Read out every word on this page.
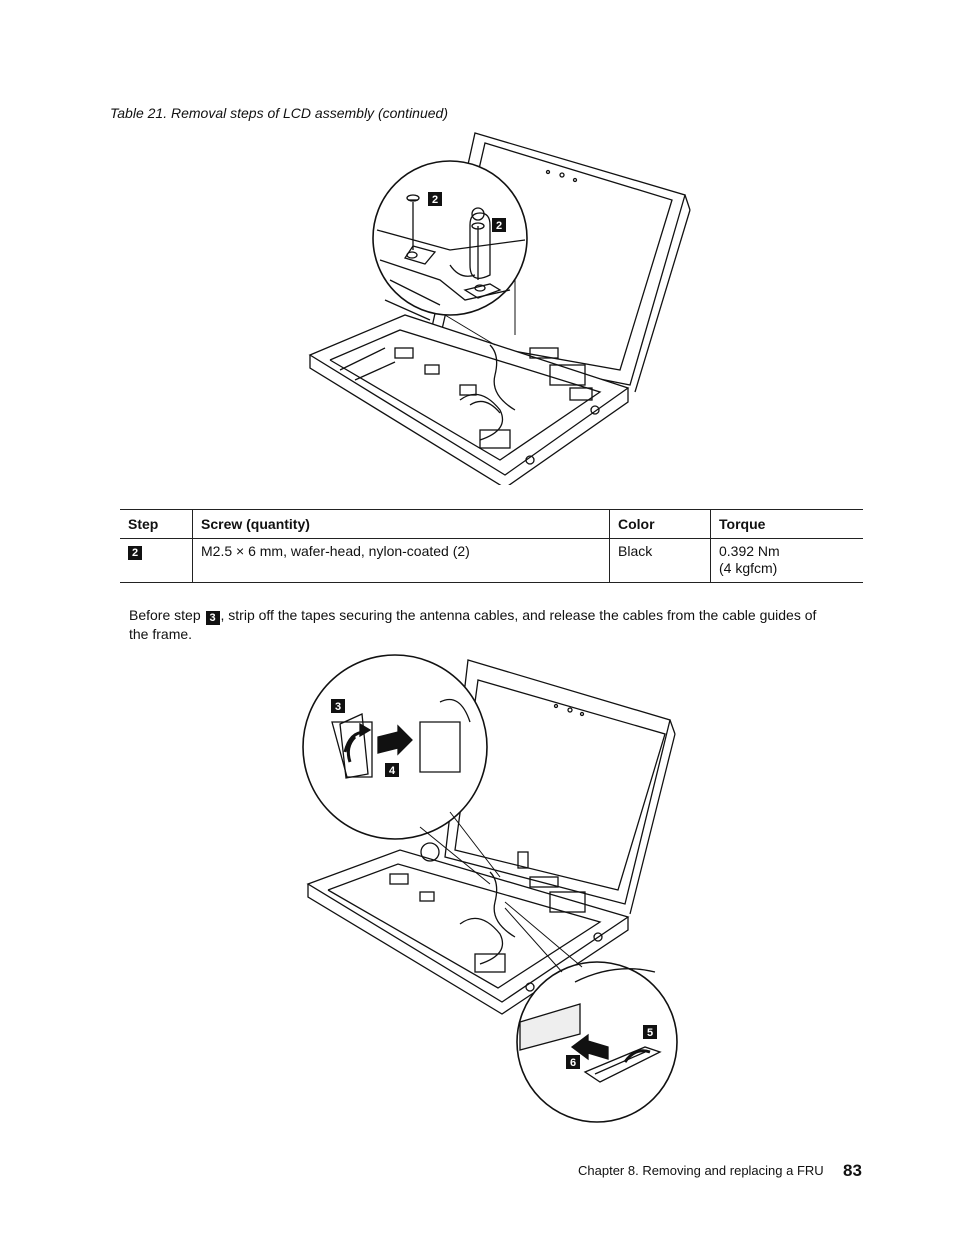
Table 21. Removal steps of LCD assembly (continued)
2
2
Step	Screw (quantity)	Color	Torque
2	M2.5 × 6 mm, wafer-head, nylon-coated (2)	Black	0.392 Nm
(4 kgfcm)
Before step 3 , strip off the tapes securing the antenna cables, and release the cables from the cable guides of the frame.
3
4
5
6
Chapter 8. Removing and replacing a FRU 83
